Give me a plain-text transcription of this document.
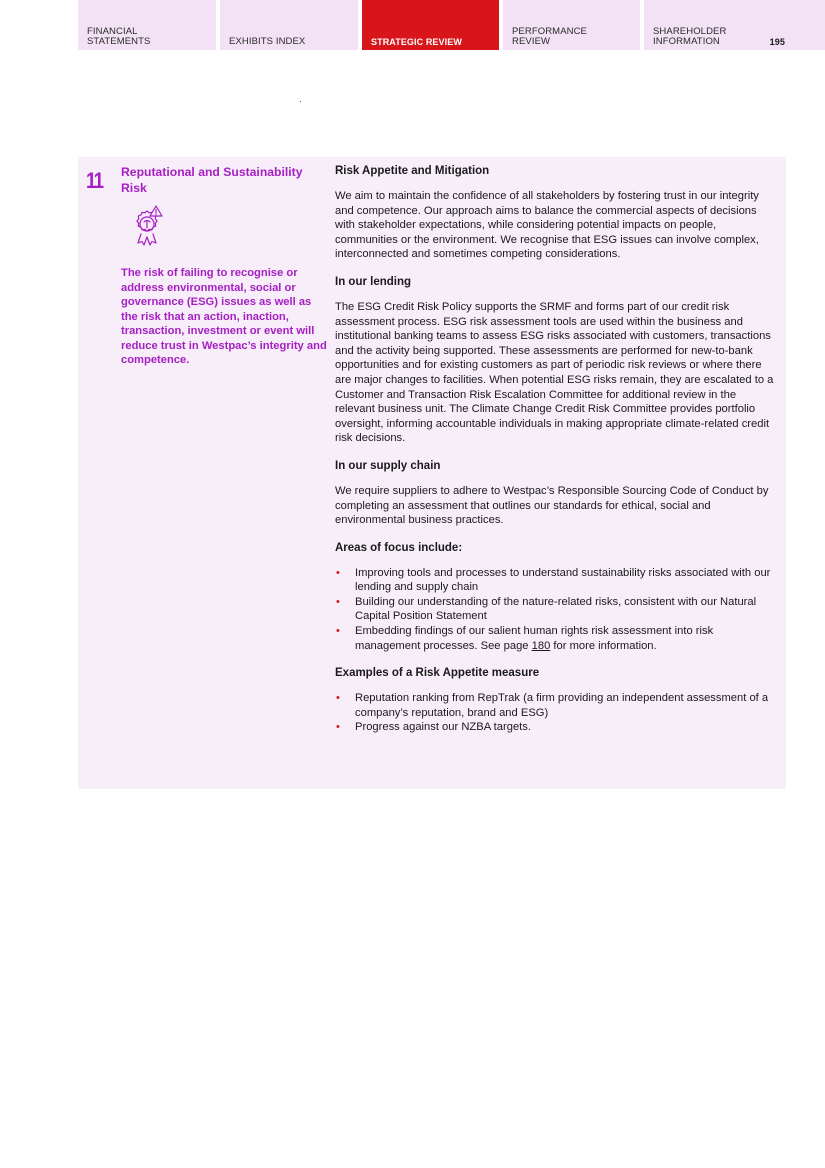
FINANCIAL
STATEMENTS	EXHIBITS INDEX	STRATEGIC REVIEW
PERFORMANCE
REVIEW
SHAREHOLDER
INFORMATION	195
11 Reputational and Sustainability Risk
The risk of failing to recognise or address environmental, social or governance (ESG) issues as well as the risk that an action, inaction, transaction, investment or event will reduce trust in Westpac’s integrity and competence.
Risk Appetite and Mitigation

We aim to maintain the confidence of all stakeholders by fostering trust in our integrity and competence. Our approach aims to balance the commercial aspects of decisions with stakeholder expectations, while considering potential impacts on people, communities or the environment. We recognise that ESG issues can involve complex, interconnected and sometimes competing considerations.

In our lending

The ESG Credit Risk Policy supports the SRMF and forms part of our credit risk assessment process. ESG risk assessment tools are used within the business and institutional banking teams to assess ESG risks associated with customers, transactions and the activity being supported. These assessments are performed for new-to-bank opportunities and for existing customers as part of periodic risk reviews or where there are major changes to facilities. When potential ESG risks remain, they are escalated to a Customer and Transaction Risk Escalation Committee for additional review in the relevant business unit. The Climate Change Credit Risk Committee provides portfolio oversight, informing accountable individuals in making appropriate climate-related credit risk decisions.

In our supply chain

We require suppliers to adhere to Westpac’s Responsible Sourcing Code of Conduct by completing an assessment that outlines our standards for ethical, social and environmental business practices.

Areas of focus include:
• Improving tools and processes to understand sustainability risks associated with our lending and supply chain
• Building our understanding of the nature-related risks, consistent with our Natural Capital Position Statement
• Embedding findings of our salient human rights risk assessment into risk management processes. See page 180 for more information.
Examples of a Risk Appetite measure
• Reputation ranking from RepTrak (a firm providing an independent assessment of a company’s reputation, brand and ESG)
• Progress against our NZBA targets.
